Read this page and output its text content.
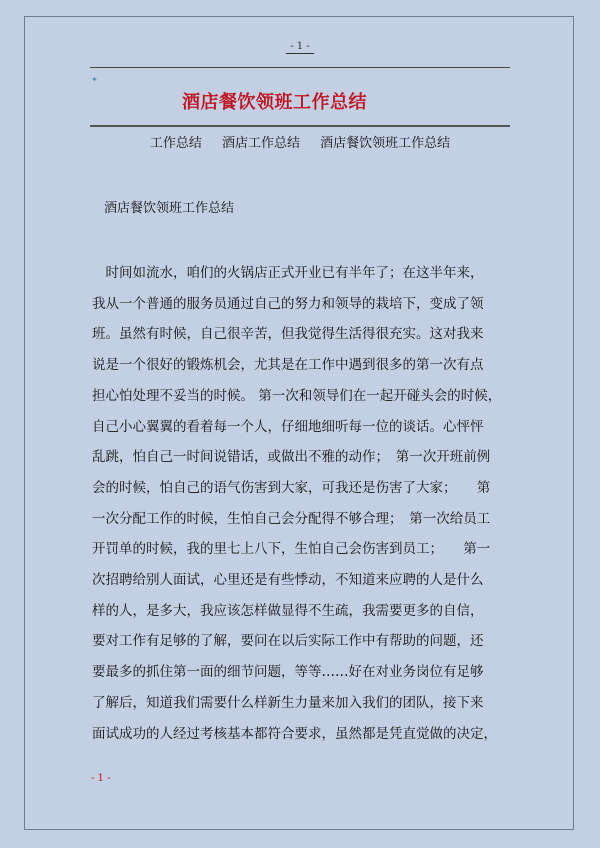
- 1 -
✦
酒店餐饮领班工作总结
工作总结 酒店工作总结 酒店餐饮领班工作总结
酒店餐饮领班工作总结

　时间如流水，咱们的火锅店正式开业已有半年了；在这半年来，
我从一个普通的服务员通过自己的努力和领导的栽培下，变成了领
班。虽然有时候，自己很辛苦，但我觉得生活得很充实。这对我来
说是一个很好的锻炼机会，尤其是在工作中遇到很多的第一次有点
担心怕处理不妥当的时候。 第一次和领导们在一起开碰头会的时候，
自己小心翼翼的看着每一个人，仔细地细听每一位的谈话。心怦怦
乱跳，怕自己一时间说错话，或做出不雅的动作；　第一次开班前例
会的时候，怕自己的语气伤害到大家，可我还是伤害了大家；　　第
一次分配工作的时候，生怕自己会分配得不够合理；　第一次给员工
开罚单的时候，我的里七上八下，生怕自己会伤害到员工；　　第一
次招聘给别人面试，心里还是有些悸动，不知道来应聘的人是什么
样的人，是多大，我应该怎样做显得不生疏，我需要更多的自信，
要对工作有足够的了解，要问在以后实际工作中有帮助的问题，还
要最多的抓住第一面的细节问题，等等……好在对业务岗位有足够
了解后，知道我们需要什么样新生力量来加入我们的团队，接下来
面试成功的人经过考核基本都符合要求，虽然都是凭直觉做的决定，

- 1 -
